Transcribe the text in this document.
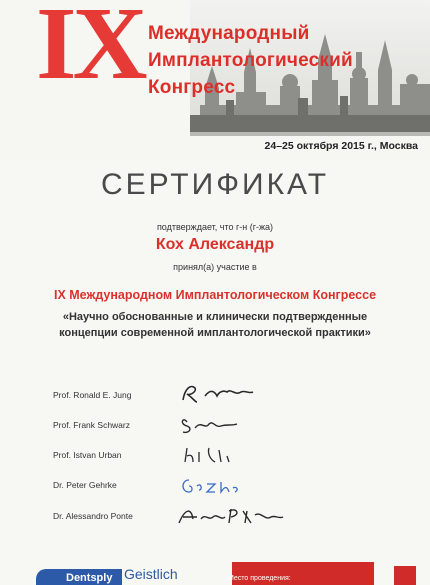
IX Международный
Имплантологический
Конгресс
24–25 октября 2015 г., Москва
СЕРТИФИКАТ
подтверждает, что г-н (г-жа)
Кох Александр
принял(а) участие в
IX Международном Имплантологическом Конгрессе
«Научно обоснованные и клинически подтвержденные
концепции современной имплантологической практики»
Prof. Ronald E. Jung
Prof. Frank Schwarz
Prof. Istvan Urban
Dr. Peter Gehrke
Dr. Alessandro Ponte
Dentsply Geistlich	Место проведения:
